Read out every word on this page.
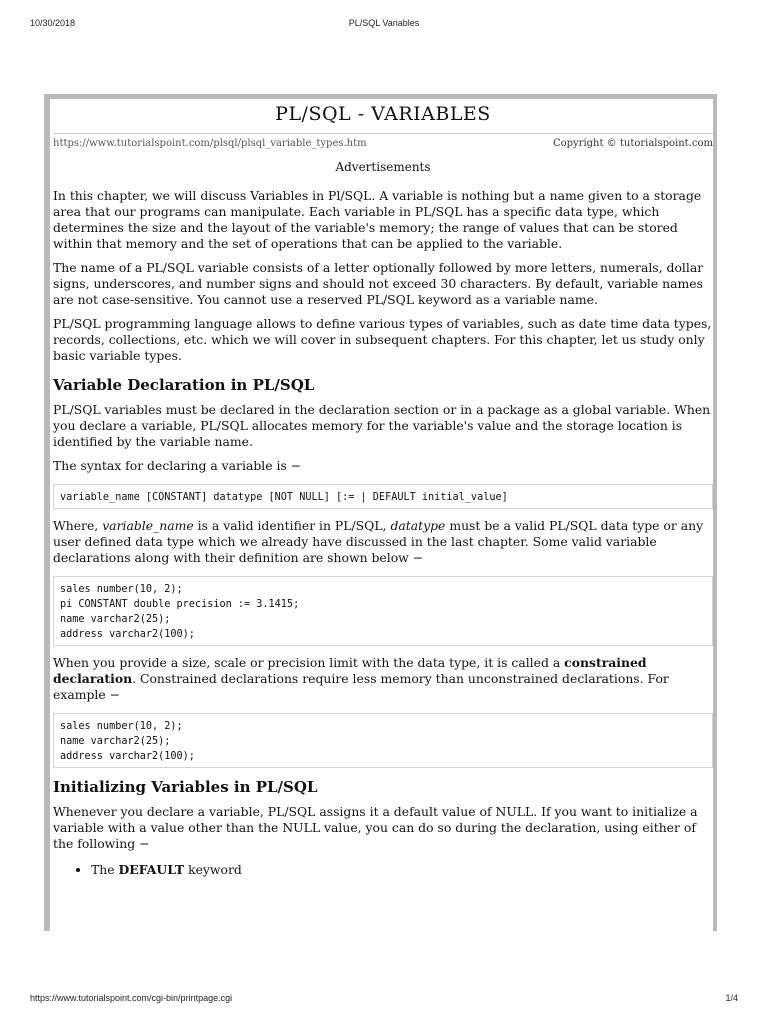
10/30/2018	PL/SQL Variables
PL/SQL - VARIABLES
https://www.tutorialspoint.com/plsql/plsql_variable_types.htm	Copyright © tutorialspoint.com
Advertisements

In this chapter, we will discuss Variables in Pl/SQL. A variable is nothing but a name given to a storage area that our programs can manipulate. Each variable in PL/SQL has a specific data type, which determines the size and the layout of the variable's memory; the range of values that can be stored within that memory and the set of operations that can be applied to the variable.

The name of a PL/SQL variable consists of a letter optionally followed by more letters, numerals, dollar signs, underscores, and number signs and should not exceed 30 characters. By default, variable names are not case-sensitive. You cannot use a reserved PL/SQL keyword as a variable name.

PL/SQL programming language allows to define various types of variables, such as date time data types, records, collections, etc. which we will cover in subsequent chapters. For this chapter, let us study only basic variable types.

Variable Declaration in PL/SQL

PL/SQL variables must be declared in the declaration section or in a package as a global variable. When you declare a variable, PL/SQL allocates memory for the variable's value and the storage location is identified by the variable name.

The syntax for declaring a variable is −

variable_name [CONSTANT] datatype [NOT NULL] [:= | DEFAULT initial_value]

Where, variable_name is a valid identifier in PL/SQL, datatype must be a valid PL/SQL data type or any user defined data type which we already have discussed in the last chapter. Some valid variable declarations along with their definition are shown below −

sales number(10, 2);
pi CONSTANT double precision := 3.1415;
name varchar2(25);
address varchar2(100);

When you provide a size, scale or precision limit with the data type, it is called a constrained declaration. Constrained declarations require less memory than unconstrained declarations. For example −

sales number(10, 2);
name varchar2(25);
address varchar2(100);
Initializing Variables in PL/SQL

Whenever you declare a variable, PL/SQL assigns it a default value of NULL. If you want to initialize a variable with a value other than the NULL value, you can do so during the declaration, using either of the following −

• The DEFAULT keyword
https://www.tutorialspoint.com/cgi-bin/printpage.cgi	1/4
